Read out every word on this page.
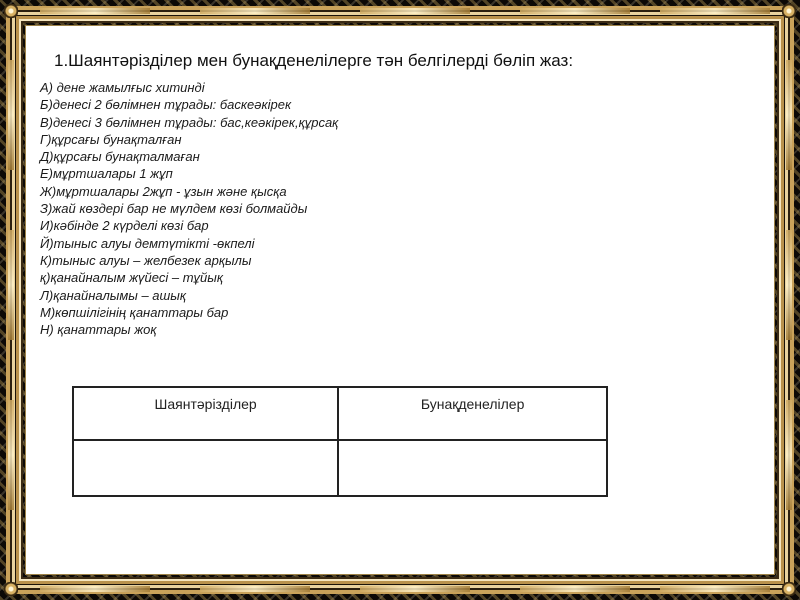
1.Шаянтәрізділер мен бунақденелілерге тән белгілерді бөліп жаз:
А) дене жамылғыс хитинді
Б)денесі 2 бөлімнен тұрады: баскеәкірек
В)денесі 3 бөлімнен тұрады: бас,кеәкірек,құрсақ
Г)құрсағы бунақталған
Д)құрсағы бунақталмаған
Е)мұртшалары 1 жұп
Ж)мұртшалары 2жұп - ұзын және қысқа
З)жай көздері бар не мүлдем көзі болмайды
И)кәбінде 2 күрделі көзі бар
Й)тыныс алуы демтүтікті -өкпелі
К)тыныс алуы – желбезек арқылы
қ)қанайналым жүйесі – тұйық
Л)қанайналымы – ашық
М)көпшілігінің қанаттары бар
Н) қанаттары жоқ
Шаянтәрізділер	Бунақденелілер
